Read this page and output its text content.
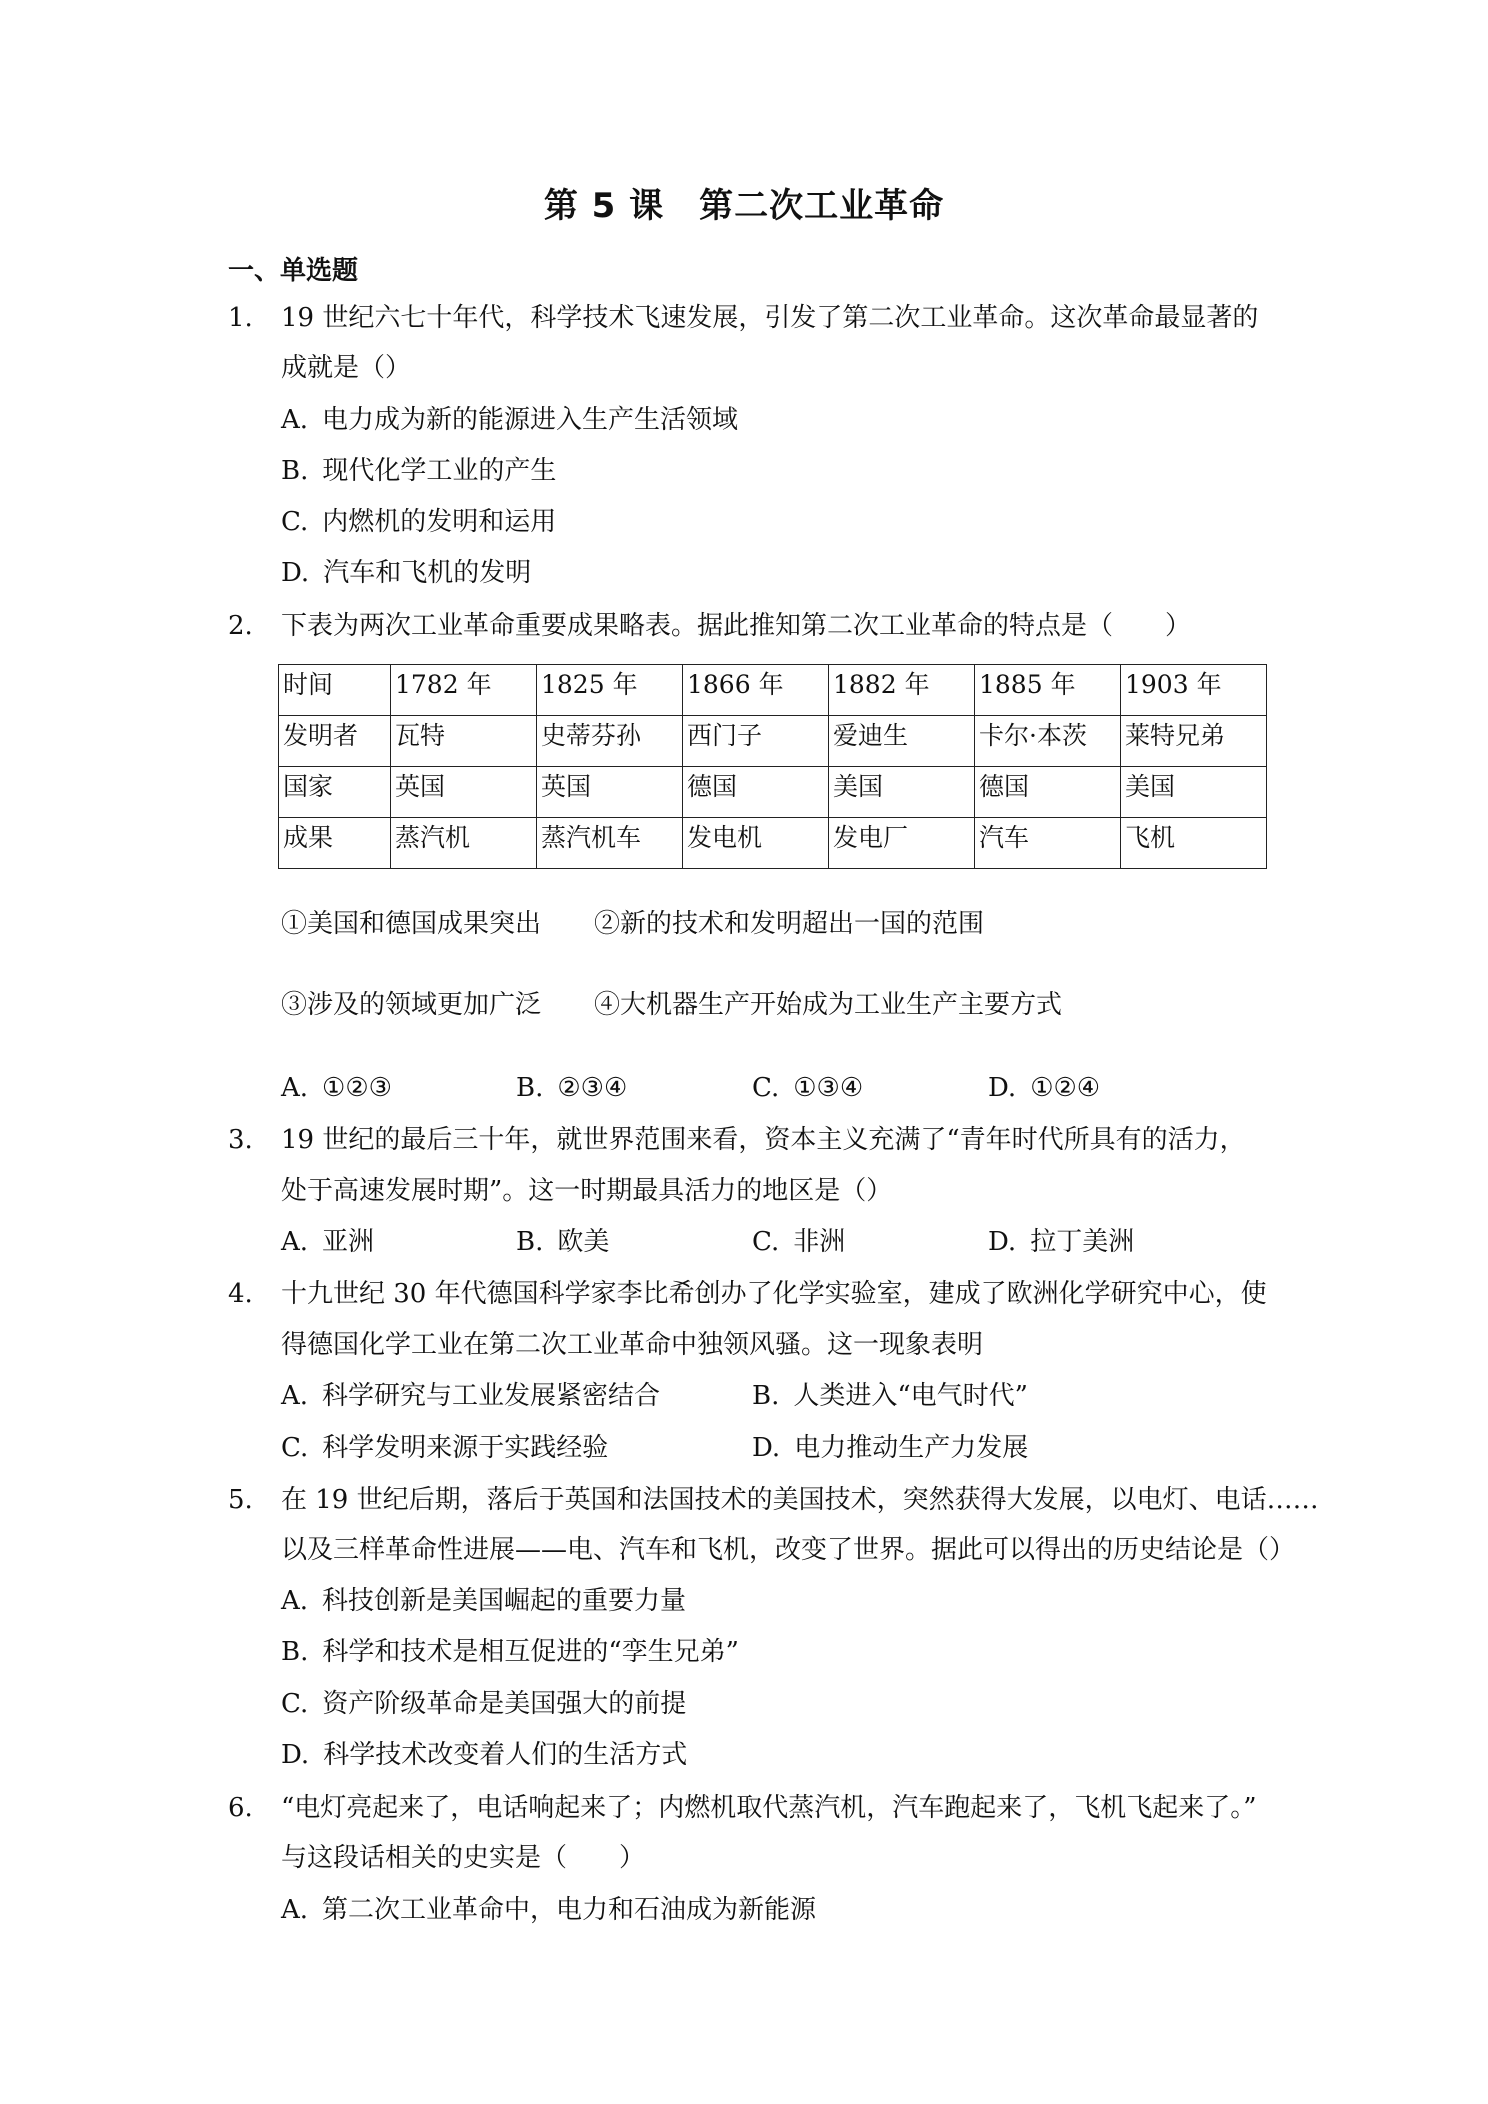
第 5 课　第二次工业革命
一、单选题
1. 19 世纪六七十年代，科学技术飞速发展，引发了第二次工业革命。这次革命最显著的
成就是（）
A. 电力成为新的能源进入生产生活领域
B. 现代化学工业的产生
C. 内燃机的发明和运用
D. 汽车和飞机的发明
2. 下表为两次工业革命重要成果略表。据此推知第二次工业革命的特点是（　　）
时间	1782 年	1825 年	1866 年	1882 年	1885 年	1903 年
发明者	瓦特	史蒂芬孙	西门子	爱迪生	卡尔·本茨	莱特兄弟
国家	英国	英国	德国	美国	德国	美国
成果	蒸汽机	蒸汽机车	发电机	发电厂	汽车	飞机
①美国和德国成果突出 ②新的技术和发明超出一国的范围
③涉及的领域更加广泛 ④大机器生产开始成为工业生产主要方式
A. ①②③	B. ②③④	C. ①③④	D. ①②④
3. 19 世纪的最后三十年，就世界范围来看，资本主义充满了“青年时代所具有的活力，
处于高速发展时期”。这一时期最具活力的地区是（）
A. 亚洲	B. 欧美	C. 非洲	D. 拉丁美洲
4. 十九世纪 30 年代德国科学家李比希创办了化学实验室，建成了欧洲化学研究中心，使
得德国化学工业在第二次工业革命中独领风骚。这一现象表明
A. 科学研究与工业发展紧密结合	B. 人类进入“电气时代”
C. 科学发明来源于实践经验	D. 电力推动生产力发展
5. 在 19 世纪后期，落后于英国和法国技术的美国技术，突然获得大发展，以电灯、电话……
以及三样革命性进展——电、汽车和飞机，改变了世界。据此可以得出的历史结论是（）
A. 科技创新是美国崛起的重要力量
B. 科学和技术是相互促进的“孪生兄弟”
C. 资产阶级革命是美国强大的前提
D. 科学技术改变着人们的生活方式
6. “电灯亮起来了，电话响起来了；内燃机取代蒸汽机，汽车跑起来了，飞机飞起来了。”
与这段话相关的史实是（　　）
A. 第二次工业革命中，电力和石油成为新能源
